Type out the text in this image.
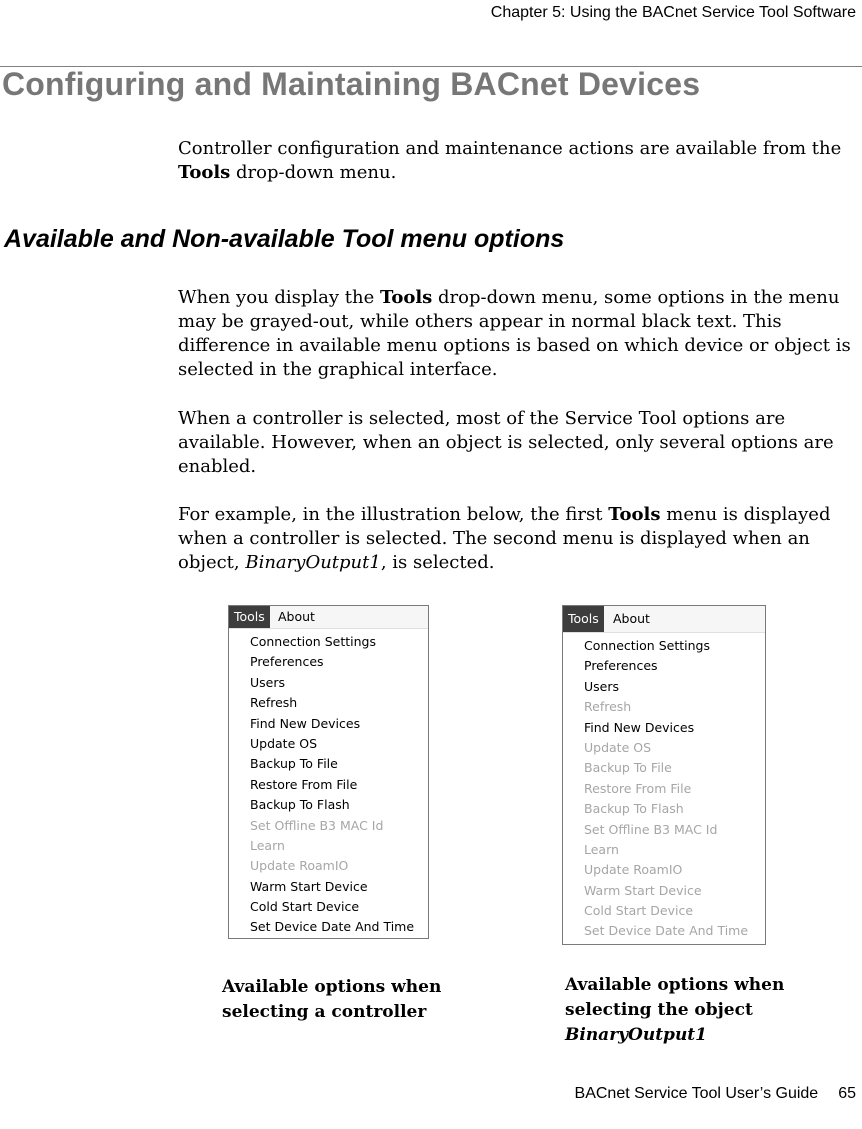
Chapter 5: Using the BACnet Service Tool Software
Configuring and Maintaining BACnet Devices

Controller configuration and maintenance actions are available from the Tools drop-down menu.

Available and Non-available Tool menu options

When you display the Tools drop-down menu, some options in the menu may be grayed-out, while others appear in normal black text. This difference in available menu options is based on which device or object is selected in the graphical interface.

When a controller is selected, most of the Service Tool options are available. However, when an object is selected, only several options are enabled.

For example, in the illustration below, the first Tools menu is displayed when a controller is selected. The second menu is displayed when an object, BinaryOutput1, is selected.

Tools	About
Connection Settings
Preferences
Users
Refresh
Find New Devices
Update OS
Backup To File
Restore From File
Backup To Flash
Set Offline B3 MAC Id
Learn
Update RoamIO
Warm Start Device
Cold Start Device
Set Device Date And Time
Tools	About
Connection Settings
Preferences
Users
Refresh
Find New Devices
Update OS
Backup To File
Restore From File
Backup To Flash
Set Offline B3 MAC Id
Learn
Update RoamIO
Warm Start Device
Cold Start Device
Set Device Date And Time

Available options when
selecting a controller

Available options when
selecting the object
BinaryOutput1

BACnet Service Tool User’s Guide 65
